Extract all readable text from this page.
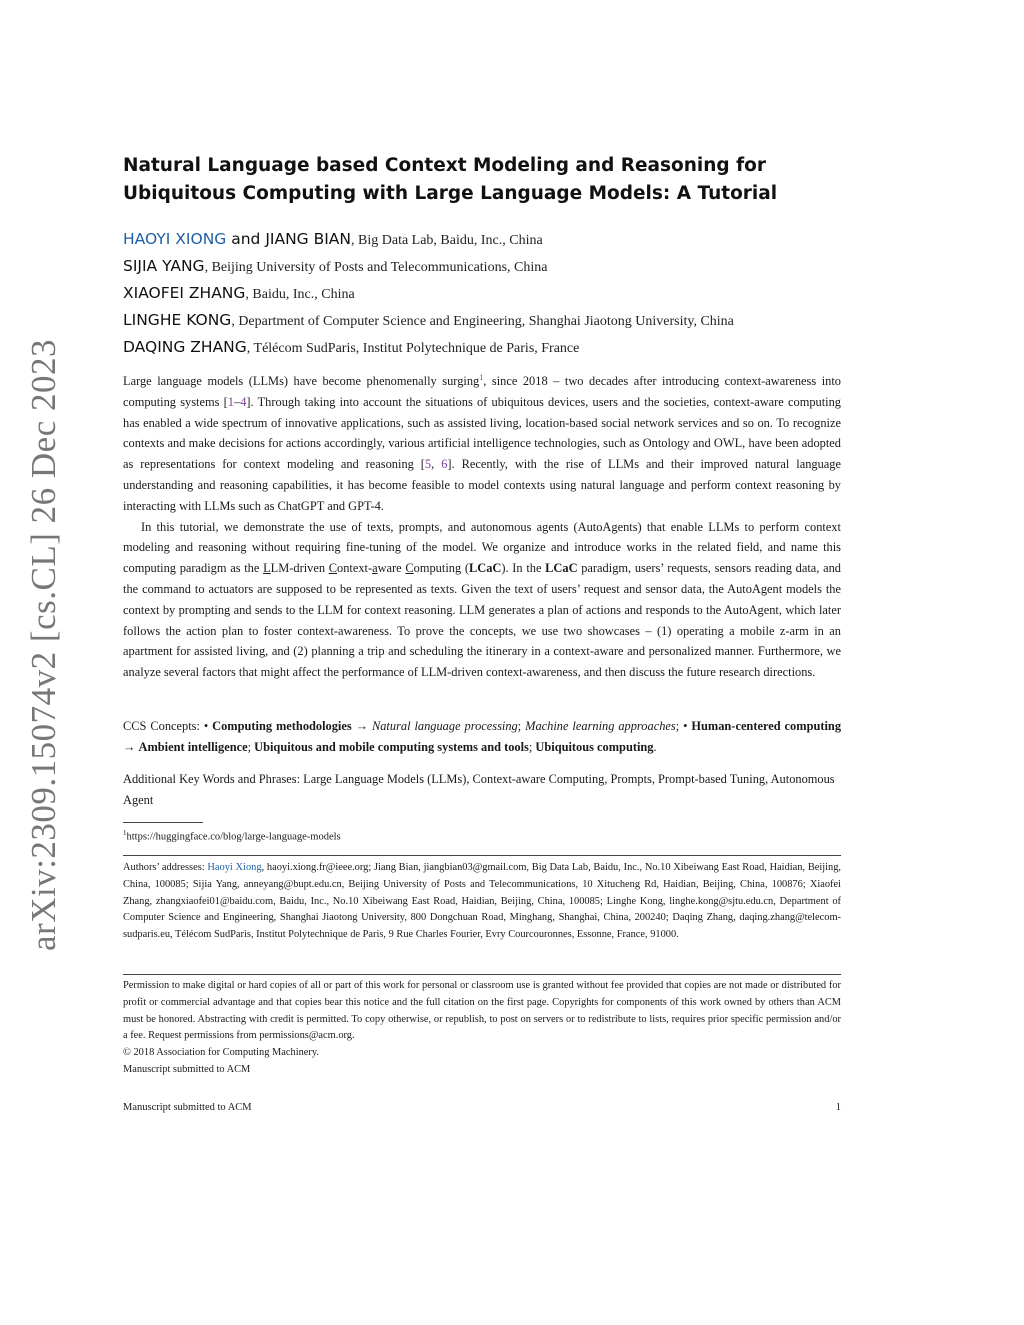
arXiv:2309.15074v2 [cs.CL] 26 Dec 2023
Natural Language based Context Modeling and Reasoning for Ubiquitous Computing with Large Language Models: A Tutorial
HAOYI XIONG and JIANG BIAN, Big Data Lab, Baidu, Inc., China
SIJIA YANG, Beijing University of Posts and Telecommunications, China
XIAOFEI ZHANG, Baidu, Inc., China
LINGHE KONG, Department of Computer Science and Engineering, Shanghai Jiaotong University, China
DAQING ZHANG, Télécom SudParis, Institut Polytechnique de Paris, France

Large language models (LLMs) have become phenomenally surging$^1$, since 2018 – two decades after introducing context-awareness into computing systems [1–4]. Through taking into account the situations of ubiquitous devices, users and the societies, context-aware computing has enabled a wide spectrum of innovative applications, such as assisted living, location-based social network services and so on. To recognize contexts and make decisions for actions accordingly, various artificial intelligence technologies, such as Ontology and OWL, have been adopted as representations for context modeling and reasoning [5, 6]. Recently, with the rise of LLMs and their improved natural language understanding and reasoning capabilities, it has become feasible to model contexts using natural language and perform context reasoning by interacting with LLMs such as ChatGPT and GPT-4.

In this tutorial, we demonstrate the use of texts, prompts, and autonomous agents (AutoAgents) that enable LLMs to perform context modeling and reasoning without requiring fine-tuning of the model. We organize and introduce works in the related field, and name this computing paradigm as the LLM-driven Context-aware Computing (LCaC). In the LCaC paradigm, users’ requests, sensors reading data, and the command to actuators are supposed to be represented as texts. Given the text of users’ request and sensor data, the AutoAgent models the context by prompting and sends to the LLM for context reasoning. LLM generates a plan of actions and responds to the AutoAgent, which later follows the action plan to foster context-awareness. To prove the concepts, we use two showcases – (1) operating a mobile z-arm in an apartment for assisted living, and (2) planning a trip and scheduling the itinerary in a context-aware and personalized manner. Furthermore, we analyze several factors that might affect the performance of LLM-driven context-awareness, and then discuss the future research directions.

CCS Concepts: • Computing methodologies → Natural language processing; Machine learning approaches; • Human-centered computing → Ambient intelligence; Ubiquitous and mobile computing systems and tools; Ubiquitous computing.
Additional Key Words and Phrases: Large Language Models (LLMs), Context-aware Computing, Prompts, Prompt-based Tuning, Autonomous Agent
$^1$https://huggingface.co/blog/large-language-models
Authors’ addresses: Haoyi Xiong, haoyi.xiong.fr@ieee.org; Jiang Bian, jiangbian03@gmail.com, Big Data Lab, Baidu, Inc., No.10 Xibeiwang East Road, Haidian, Beijing, China, 100085; Sijia Yang, anneyang@bupt.edu.cn, Beijing University of Posts and Telecommunications, 10 Xitucheng Rd, Haidian, Beijing, China, 100876; Xiaofei Zhang, zhangxiaofei01@baidu.com, Baidu, Inc., No.10 Xibeiwang East Road, Haidian, Beijing, China, 100085; Linghe Kong, linghe.kong@sjtu.edu.cn, Department of Computer Science and Engineering, Shanghai Jiaotong University, 800 Dongchuan Road, Minghang, Shanghai, China, 200240; Daqing Zhang, daqing.zhang@telecom-sudparis.eu, Télécom SudParis, Institut Polytechnique de Paris, 9 Rue Charles Fourier, Evry Courcouronnes, Essonne, France, 91000.
Permission to make digital or hard copies of all or part of this work for personal or classroom use is granted without fee provided that copies are not made or distributed for profit or commercial advantage and that copies bear this notice and the full citation on the first page. Copyrights for components of this work owned by others than ACM must be honored. Abstracting with credit is permitted. To copy otherwise, or republish, to post on servers or to redistribute to lists, requires prior specific permission and/or a fee. Request permissions from permissions@acm.org.
© 2018 Association for Computing Machinery.
Manuscript submitted to ACM
Manuscript submitted to ACM	1
